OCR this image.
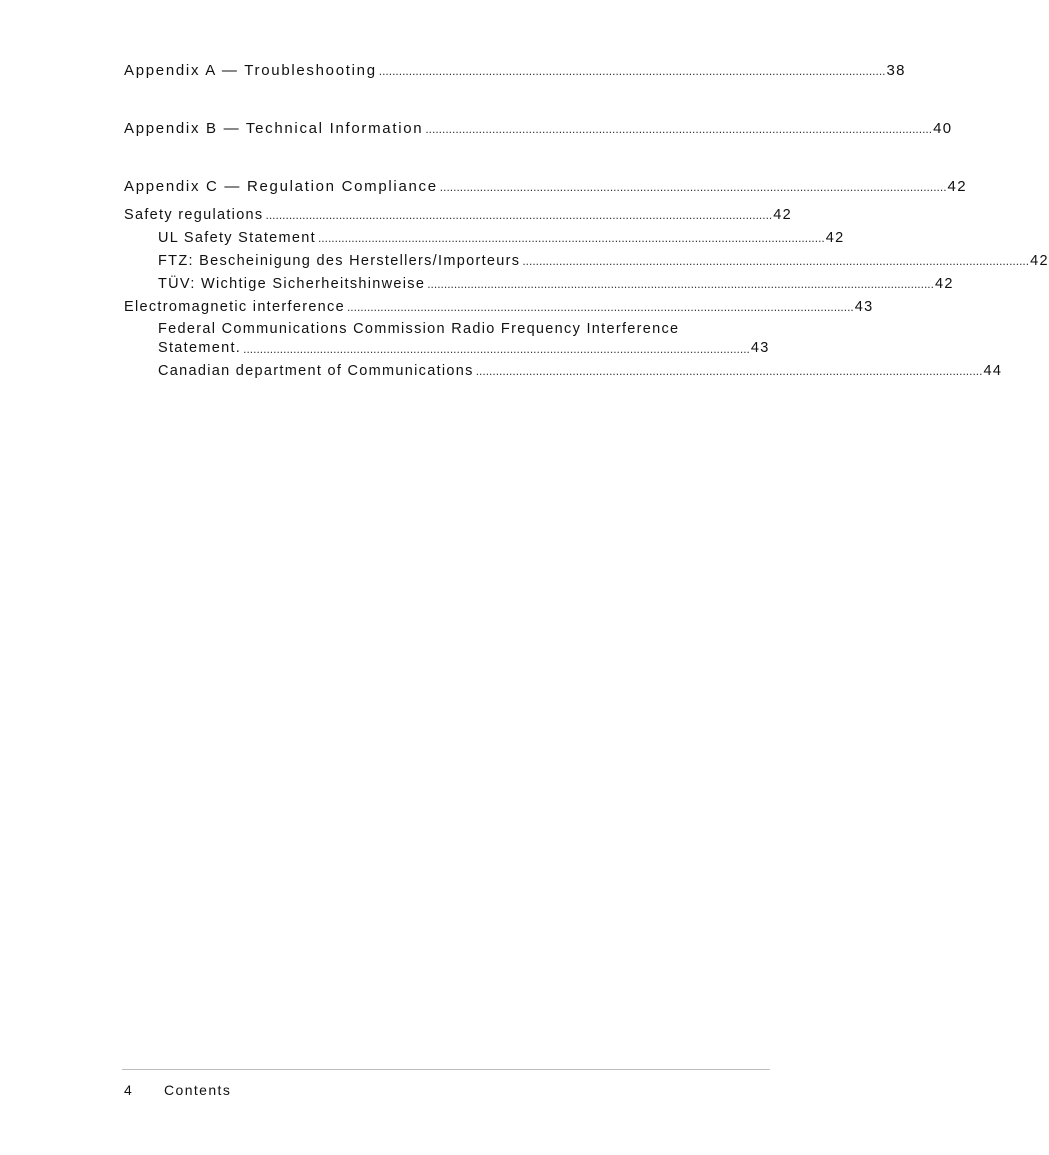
Appendix A — Troubleshooting ........................................................................................................................................................ 38
Appendix B — Technical Information ........................................................................................................................................................ 40
Appendix C — Regulation Compliance ........................................................................................................................................................ 42
Safety regulations ........................................................................................................................................................ 42
UL Safety Statement ........................................................................................................................................................ 42
FTZ: Bescheinigung des Herstellers/Importeurs ........................................................................................................................................................ 42
TÜV: Wichtige Sicherheitshinweise ........................................................................................................................................................ 42
Electromagnetic interference ........................................................................................................................................................ 43
Federal Communications Commission Radio Frequency Interference
Statement. ........................................................................................................................................................ 43
Canadian department of Communications ........................................................................................................................................................ 44
4	Contents
